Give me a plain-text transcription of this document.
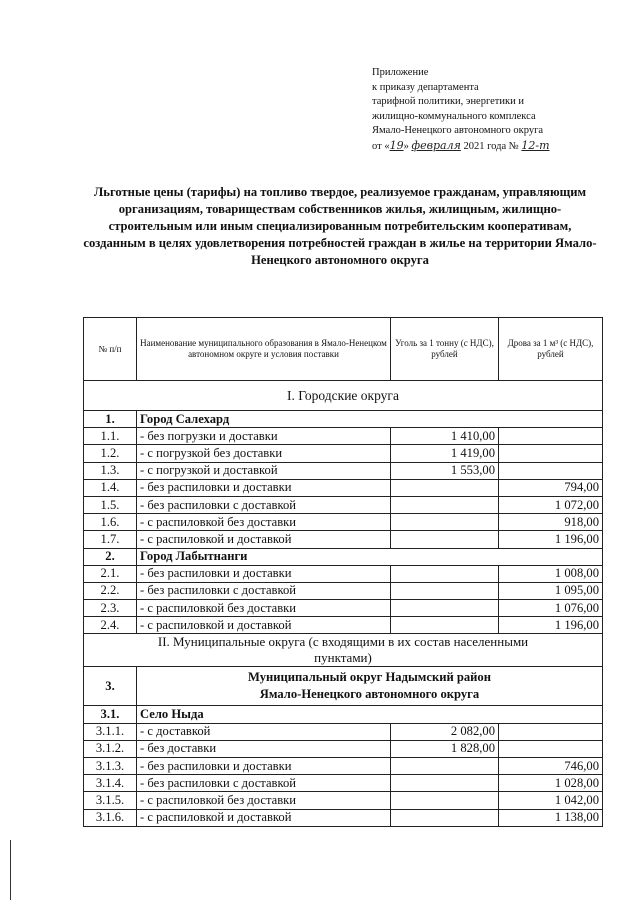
Приложение
к приказу департамента
тарифной политики, энергетики и
жилищно-коммунального комплекса
Ямало-Ненецкого автономного округа
от «19» февраля 2021 года № 12-т
Льготные цены (тарифы) на топливо твердое, реализуемое гражданам, управляющим организациям, товариществам собственников жилья, жилищным, жилищно-строительным или иным специализированным потребительским кооперативам, созданным в целях удовлетворения потребностей граждан в жилье на территории Ямало-Ненецкого автономного округа
№ п/п	Наименование муниципального образования в Ямало-Ненецком автономном округе и условия поставки	Уголь за 1 тонну (с НДС), рублей	Дрова за 1 м³ (с НДС), рублей
I. Городские округа			
1.	Город Салехард		
1.1.	- без погрузки и доставки	1 410,00	
1.2.	- с погрузкой без доставки	1 419,00	
1.3.	- с погрузкой и доставкой	1 553,00	
1.4.	- без распиловки и доставки		794,00
1.5.	- без распиловки с доставкой		1 072,00
1.6.	- с распиловкой без доставки		918,00
1.7.	- с распиловкой и доставкой		1 196,00
2.	Город Лабытнанги		
2.1.	- без распиловки и доставки		1 008,00
2.2.	- без распиловки с доставкой		1 095,00
2.3.	- с распиловкой без доставки		1 076,00
2.4.	- с распиловкой и доставкой		1 196,00

II. Муниципальные округа (с входящими в их состав населенными
пунктами)			

3.	Муниципальный округ Надымский район
Ямало-Ненецкого автономного округа		

3.1.	Село Ныда		
3.1.1.	- с доставкой	2 082,00	
3.1.2.	- без доставки	1 828,00	
3.1.3.	- без распиловки и доставки		746,00
3.1.4.	- без распиловки с доставкой		1 028,00
3.1.5.	- с распиловкой без доставки		1 042,00
3.1.6.	- с распиловкой и доставкой		1 138,00
